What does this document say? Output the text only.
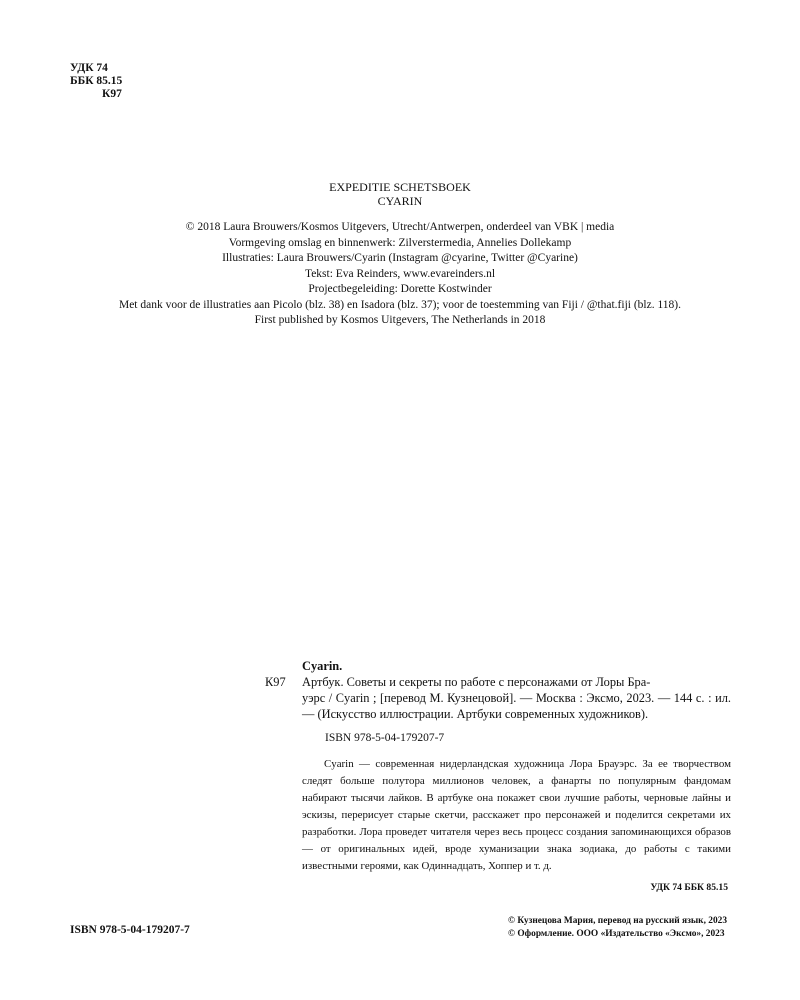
УДК 74
ББК 85.15
К97
EXPEDITIE SCHETSBOEK
CYARIN
© 2018 Laura Brouwers/Kosmos Uitgevers, Utrecht/Antwerpen, onderdeel van VBK | media
Vormgeving omslag en binnenwerk: Zilverstermedia, Annelies Dollekamp
Illustraties: Laura Brouwers/Cyarin (Instagram @cyarine, Twitter @Cyarine)
Tekst: Eva Reinders, www.evareinders.nl
Projectbegeleiding: Dorette Kostwinder
Met dank voor de illustraties aan Picolo (blz. 38) en Isadora (blz. 37); voor de toestemming van Fiji / @that.fiji (blz. 118).
First published by Kosmos Uitgevers, The Netherlands in 2018
Cyarin.
К97	Артбук. Советы и секреты по работе с персонажами от Лоры Бра-
уэрс / Cyarin ; [перевод М. Кузнецовой]. — Москва : Эксмо, 2023. — 144 с. : ил. — (Искусство иллюстрации. Артбуки современных художников).
ISBN 978-5-04-179207-7
Cyarin — современная нидерландская художница Лора Брауэрс. За ее творчеством следят больше полутора миллионов человек, а фанарты по популярным фандомам набирают тысячи лайков. В артбуке она покажет свои лучшие работы, черновые лайны и эскизы, перерисует старые скетчи, расскажет про персонажей и поделится секретами их разработки. Лора проведет читателя через весь процесс создания запоминающихся образов — от оригинальных идей, вроде хуманизации знака зодиака, до работы с такими известными героями, как Одиннадцать, Хоппер и т. д.
УДК 74 ББК 85.15
ISBN 978-5-04-179207-7
© Кузнецова Мария, перевод на русский язык, 2023
© Оформление. ООО «Издательство «Эксмо», 2023
